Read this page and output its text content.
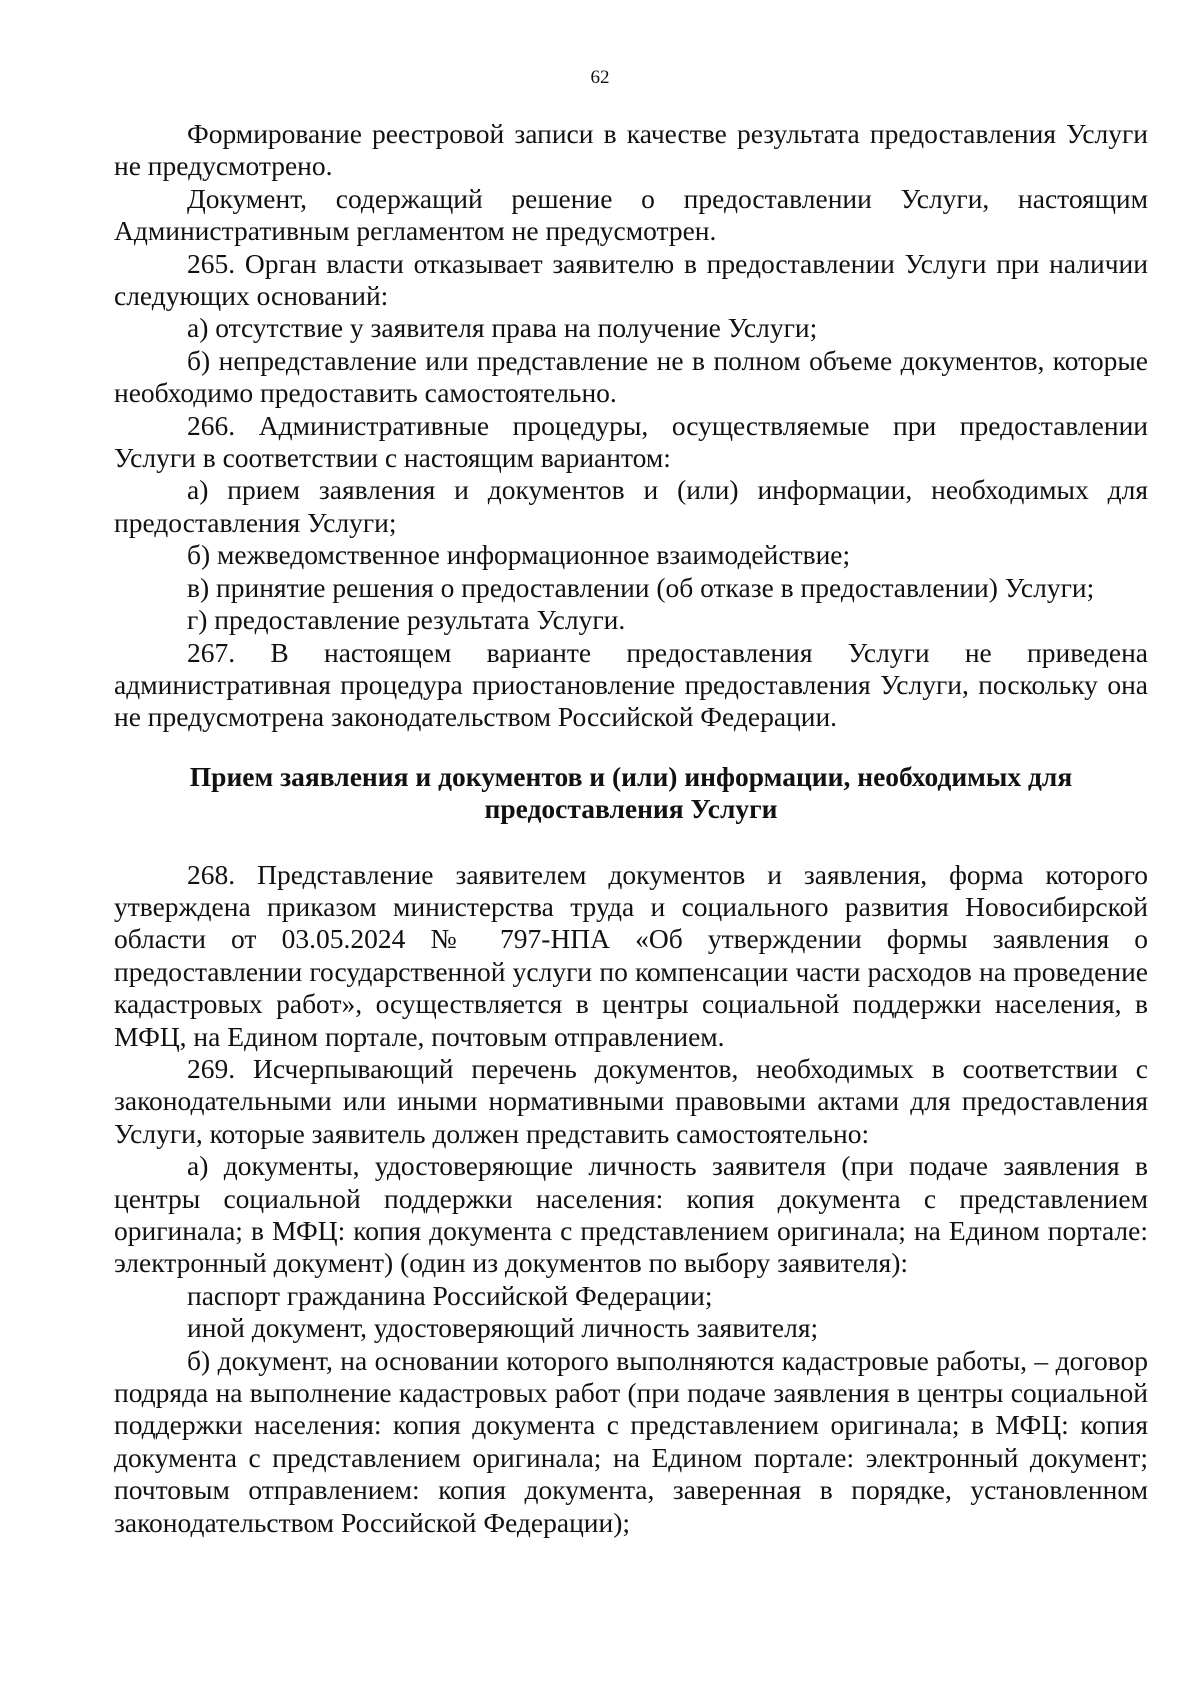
62

Формирование реестровой записи в качестве результата предоставления Услуги не предусмотрено.

Документ, содержащий решение о предоставлении Услуги, настоящим Административным регламентом не предусмотрен.

265. Орган власти отказывает заявителю в предоставлении Услуги при наличии следующих оснований:

а) отсутствие у заявителя права на получение Услуги;

б) непредставление или представление не в полном объеме документов, которые необходимо предоставить самостоятельно.

266. Административные процедуры, осуществляемые при предоставлении Услуги в соответствии с настоящим вариантом:

а) прием заявления и документов и (или) информации, необходимых для предоставления Услуги;

б) межведомственное информационное взаимодействие;

в) принятие решения о предоставлении (об отказе в предоставлении) Услуги;

г) предоставление результата Услуги.

267. В настоящем варианте предоставления Услуги не приведена административная процедура приостановление предоставления Услуги, поскольку она не предусмотрена законодательством Российской Федерации.

Прием заявления и документов и (или) информации, необходимых для предоставления Услуги

268. Представление заявителем документов и заявления, форма которого утверждена приказом министерства труда и социального развития Новосибирской области от 03.05.2024 № 797-НПА «Об утверждении формы заявления о предоставлении государственной услуги по компенсации части расходов на проведение кадастровых работ», осуществляется в центры социальной поддержки населения, в МФЦ, на Едином портале, почтовым отправлением.

269. Исчерпывающий перечень документов, необходимых в соответствии с законодательными или иными нормативными правовыми актами для предоставления Услуги, которые заявитель должен представить самостоятельно:

а) документы, удостоверяющие личность заявителя (при подаче заявления в центры социальной поддержки населения: копия документа с представлением оригинала; в МФЦ: копия документа с представлением оригинала; на Едином портале: электронный документ) (один из документов по выбору заявителя):

паспорт гражданина Российской Федерации;

иной документ, удостоверяющий личность заявителя;

б) документ, на основании которого выполняются кадастровые работы, – договор подряда на выполнение кадастровых работ (при подаче заявления в центры социальной поддержки населения: копия документа с представлением оригинала; в МФЦ: копия документа с представлением оригинала; на Едином портале: электронный документ; почтовым отправлением: копия документа, заверенная в порядке, установленном законодательством Российской Федерации);
